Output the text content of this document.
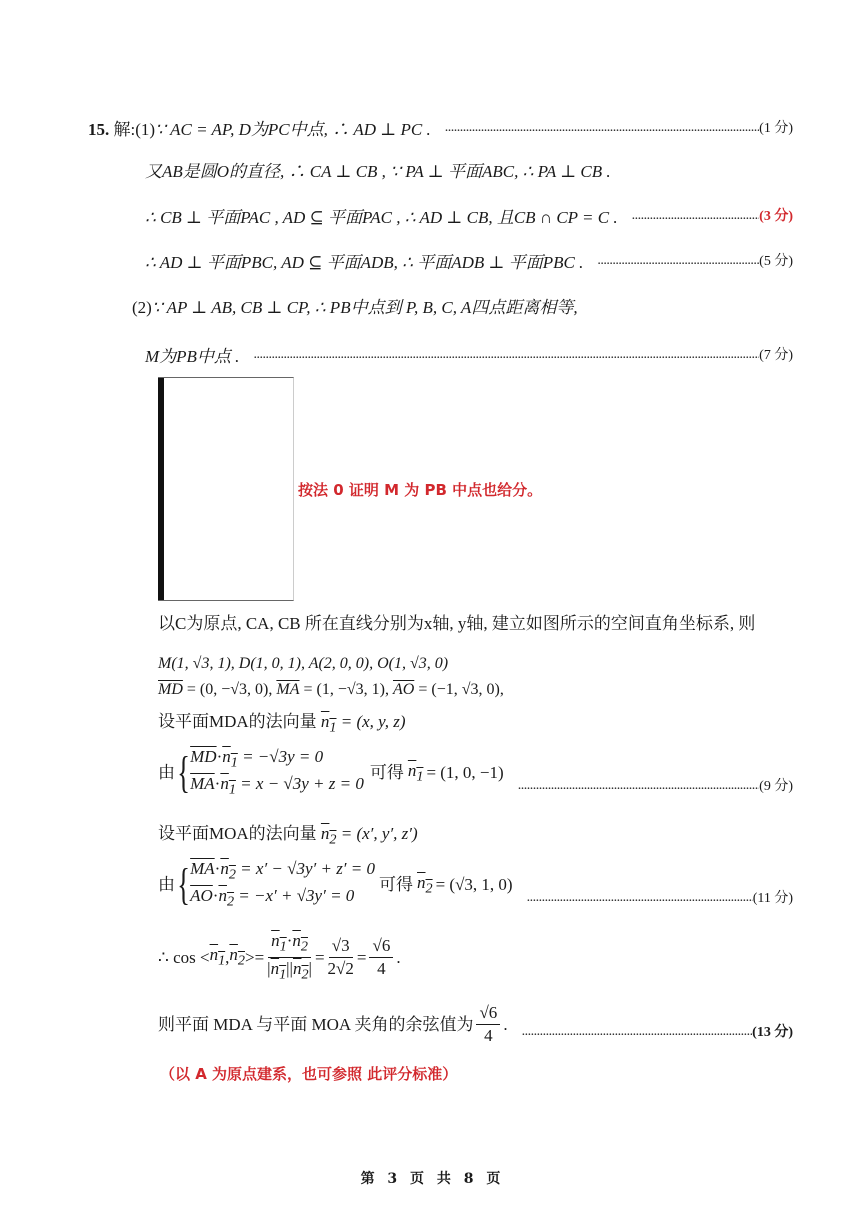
15. 解:(1)∵ AC = AP, D为PC中点, ∴ AD ⊥ PC . .....	(1 分)
又AB是圆O的直径, ∴ CA ⊥ CB , ∵ PA ⊥ 平面ABC, ∴ PA ⊥ CB .
∴ CB ⊥ 平面PAC , AD ⊆ 平面PAC , ∴ AD ⊥ CB, 且CB ∩ CP = C . .....	(3 分)
∴ AD ⊥ 平面PBC, AD ⊆ 平面ADB, ∴ 平面ADB ⊥ 平面PBC . .....	(5 分)
(2)∵ AP ⊥ AB, CB ⊥ CP, ∴ PB中点到 P, B, C, A四点距离相等,
M为PB中点 . .....	(7 分)
按法 0 证明 M 为 PB 中点也给分。
以C为原点, CA, CB 所在直线分别为x轴, y轴, 建立如图所示的空间直角坐标系, 则
M(1, √3, 1), D(1, 0, 1), A(2, 0, 0), O(1, √3, 0)
$\overline{MD} = (0$, −√3, 0), $\overline{MA} = (1$, −√3, 1), $\overline{AO} = (-1$, √3, 0),
设平面MDA的法向量 $n_1 = (x$, y, z)
由 { $\overline{MD}\cdot n_1 = -√3y = 0$
$\overline{MA}\cdot n_1 = x - √3y + z = 0$
可得 $n_1 = (1$, 0, −1)
.....
(9 分)
设平面MOA的法向量 $n_2 = (x'$, y′, z′)
由 { $\overline{MA}\cdot n_2 = x' - √3y' + z' = 0$
$\overline{AO}\cdot n_2 = -x' + √3y' = 0$
可得 $n_2 = (√3$, 1, 0)
.....
(11 分)
∴ $\cos < n_1$ , $n_2 >= \frac{n_1\cdot n_2}{|n_1||n_2|} = \frac{√3}{2√2} = \frac{√6}{4}$ .
则平面 MDA 与平面 MOA 夹角的余弦值为 $\frac{√6}{4}$ . .....	(13 分)
（以 A 为原点建系，也可参照 此评分标准）
第 3 页 共 8 页
